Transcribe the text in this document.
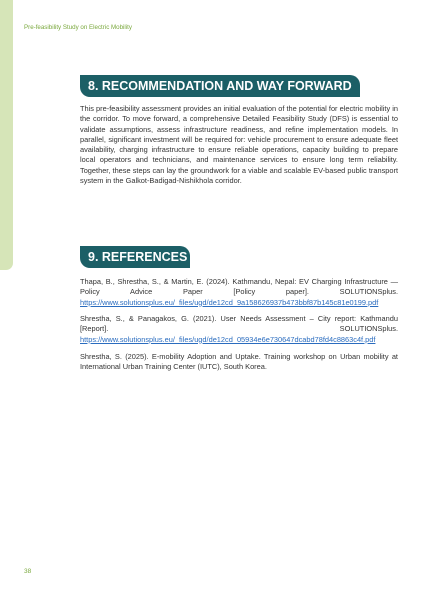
Pre-feasibility Study on Electric Mobility
8. RECOMMENDATION AND WAY FORWARD

This pre-feasibility assessment provides an initial evaluation of the potential for electric mobility in the corridor. To move forward, a comprehensive Detailed Feasibility Study (DFS) is essential to validate assumptions, assess infrastructure readiness, and refine implementation models. In parallel, significant investment will be required for: vehicle procurement to ensure adequate fleet availability, charging infrastructure to ensure reliable operations, capacity building to prepare local operators and technicians, and maintenance services to ensure long term reliability. Together, these steps can lay the groundwork for a viable and scalable EV-based public transport system in the Galkot-Badigad-Nishikhola corridor.

9. REFERENCES

Thapa, B., Shrestha, S., & Martin, E. (2024). Kathmandu, Nepal: EV Charging Infrastructure — Policy Advice Paper [Policy paper]. SOLUTIONSplus. https://www.solutionsplus.eu/_files/ugd/de12cd_9a158626937b473bbf87b145c81e0199.pdf

Shrestha, S., & Panagakos, G. (2021). User Needs Assessment – City report: Kathmandu [Report]. SOLUTIONSplus. https://www.solutionsplus.eu/_files/ugd/de12cd_05934e6e730647dcabd78fd4c8863c4f.pdf

Shrestha, S. (2025). E-mobility Adoption and Uptake. Training workshop on Urban mobility at International Urban Training Center (IUTC), South Korea.

38
